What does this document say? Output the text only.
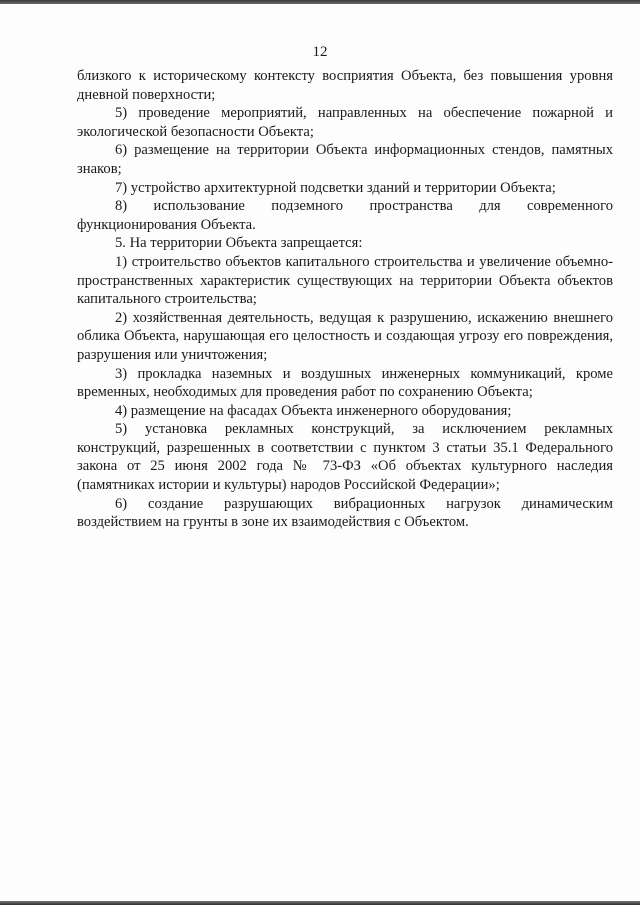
12

близкого к историческому контексту восприятия Объекта, без повышения уровня дневной поверхности;

5) проведение мероприятий, направленных на обеспечение пожарной и экологической безопасности Объекта;

6) размещение на территории Объекта информационных стендов, памятных знаков;

7) устройство архитектурной подсветки зданий и территории Объекта;

8) использование подземного пространства для современного функционирования Объекта.

5. На территории Объекта запрещается:

1) строительство объектов капитального строительства и увеличение объемно-пространственных характеристик существующих на территории Объекта объектов капитального строительства;

2) хозяйственная деятельность, ведущая к разрушению, искажению внешнего облика Объекта, нарушающая его целостность и создающая угрозу его повреждения, разрушения или уничтожения;

3) прокладка наземных и воздушных инженерных коммуникаций, кроме временных, необходимых для проведения работ по сохранению Объекта;

4) размещение на фасадах Объекта инженерного оборудования;

5) установка рекламных конструкций, за исключением рекламных конструкций, разрешенных в соответствии с пунктом 3 статьи 35.1 Федерального закона от 25 июня 2002 года № 73-ФЗ «Об объектах культурного наследия (памятниках истории и культуры) народов Российской Федерации»;

6) создание разрушающих вибрационных нагрузок динамическим воздействием на грунты в зоне их взаимодействия с Объектом.
